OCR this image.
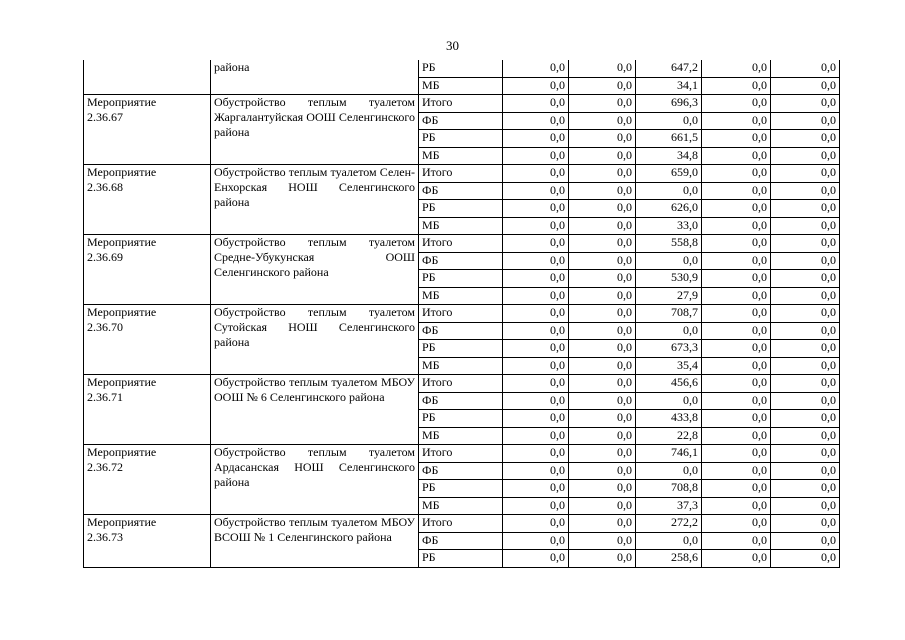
30
	района	РБ	0,0	0,0	647,2	0,0	0,0
		МБ	0,0	0,0	34,1	0,0	0,0
Мероприятие
2.36.67	Обустройство теплым туалетом Жаргалантуйская ООШ Селенгинского района	Итого	0,0	0,0	696,3	0,0	0,0
		ФБ	0,0	0,0	0,0	0,0	0,0
		РБ	0,0	0,0	661,5	0,0	0,0
		МБ	0,0	0,0	34,8	0,0	0,0
Мероприятие
2.36.68	Обустройство теплым туалетом Селен-Енхорская НОШ Селенгинского района	Итого	0,0	0,0	659,0	0,0	0,0
		ФБ	0,0	0,0	0,0	0,0	0,0
		РБ	0,0	0,0	626,0	0,0	0,0
		МБ	0,0	0,0	33,0	0,0	0,0
Мероприятие
2.36.69	Обустройство теплым туалетом Средне-Убукунская ООШ Селенгинского района	Итого	0,0	0,0	558,8	0,0	0,0
		ФБ	0,0	0,0	0,0	0,0	0,0
		РБ	0,0	0,0	530,9	0,0	0,0
		МБ	0,0	0,0	27,9	0,0	0,0
Мероприятие
2.36.70	Обустройство теплым туалетом Сутойская НОШ Селенгинского района	Итого	0,0	0,0	708,7	0,0	0,0
		ФБ	0,0	0,0	0,0	0,0	0,0
		РБ	0,0	0,0	673,3	0,0	0,0
		МБ	0,0	0,0	35,4	0,0	0,0
Мероприятие
2.36.71	Обустройство теплым туалетом МБОУ ООШ № 6 Селенгинского района	Итого	0,0	0,0	456,6	0,0	0,0
		ФБ	0,0	0,0	0,0	0,0	0,0
		РБ	0,0	0,0	433,8	0,0	0,0
		МБ	0,0	0,0	22,8	0,0	0,0
Мероприятие
2.36.72	Обустройство теплым туалетом Ардасанская НОШ Селенгинского района	Итого	0,0	0,0	746,1	0,0	0,0
		ФБ	0,0	0,0	0,0	0,0	0,0
		РБ	0,0	0,0	708,8	0,0	0,0
		МБ	0,0	0,0	37,3	0,0	0,0
Мероприятие
2.36.73	Обустройство теплым туалетом МБОУ ВСОШ № 1 Селенгинского района	Итого	0,0	0,0	272,2	0,0	0,0
		ФБ	0,0	0,0	0,0	0,0	0,0
		РБ	0,0	0,0	258,6	0,0	0,0
